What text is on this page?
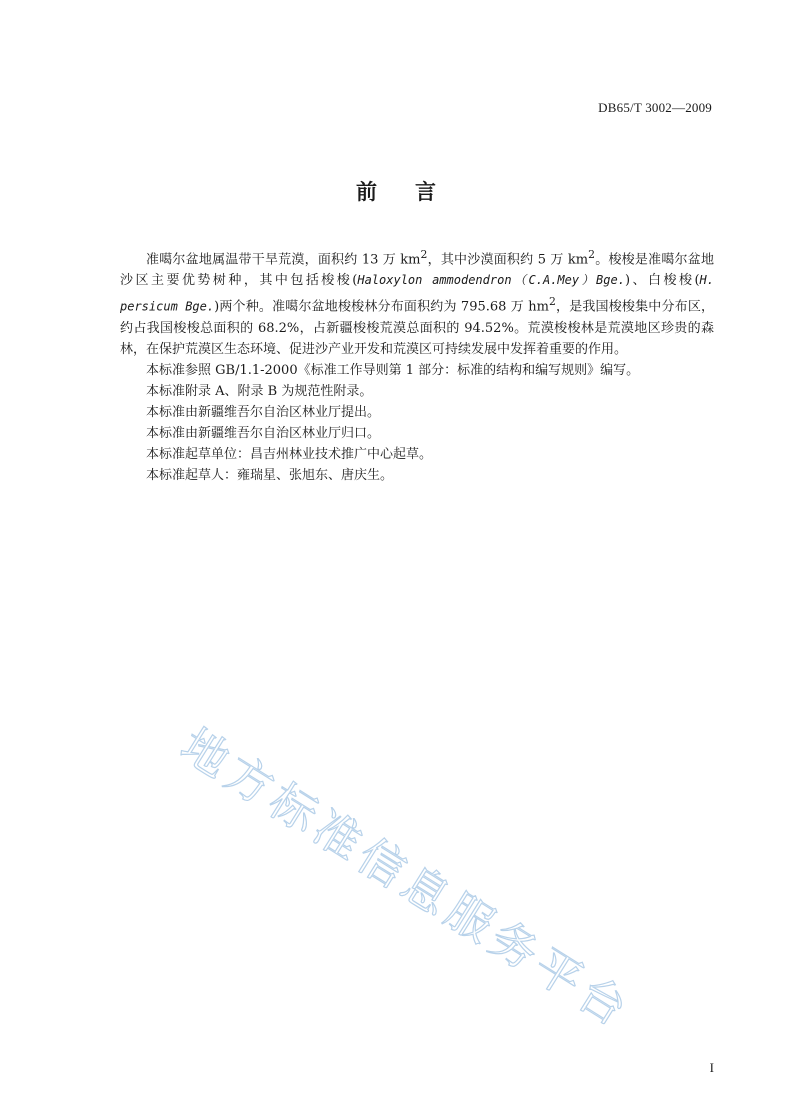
DB65/T 3002—2009
前言

准噶尔盆地属温带干旱荒漠，面积约 13 万 $km^2$，其中沙漠面积约 5 万 $km^2$。梭梭是准噶尔盆地沙区主要优势树种，其中包括梭梭(Haloxylon ammodendron（C.A.Mey）Bge.)、白梭梭(H. persicum Bge.)两个种。准噶尔盆地梭梭林分布面积约为 795.68 万 $hm^2$，是我国梭梭集中分布区，约占我国梭梭总面积的 68.2%，占新疆梭梭荒漠总面积的 94.52%。荒漠梭梭林是荒漠地区珍贵的森林，在保护荒漠区生态环境、促进沙产业开发和荒漠区可持续发展中发挥着重要的作用。

本标准参照 GB/1.1-2000《标准工作导则第 1 部分：标准的结构和编写规则》编写。

本标准附录 A、附录 B 为规范性附录。

本标准由新疆维吾尔自治区林业厅提出。

本标准由新疆维吾尔自治区林业厅归口。

本标准起草单位：昌吉州林业技术推广中心起草。

本标准起草人：雍瑞星、张旭东、唐庆生。

地方标准信息服务平台
I
